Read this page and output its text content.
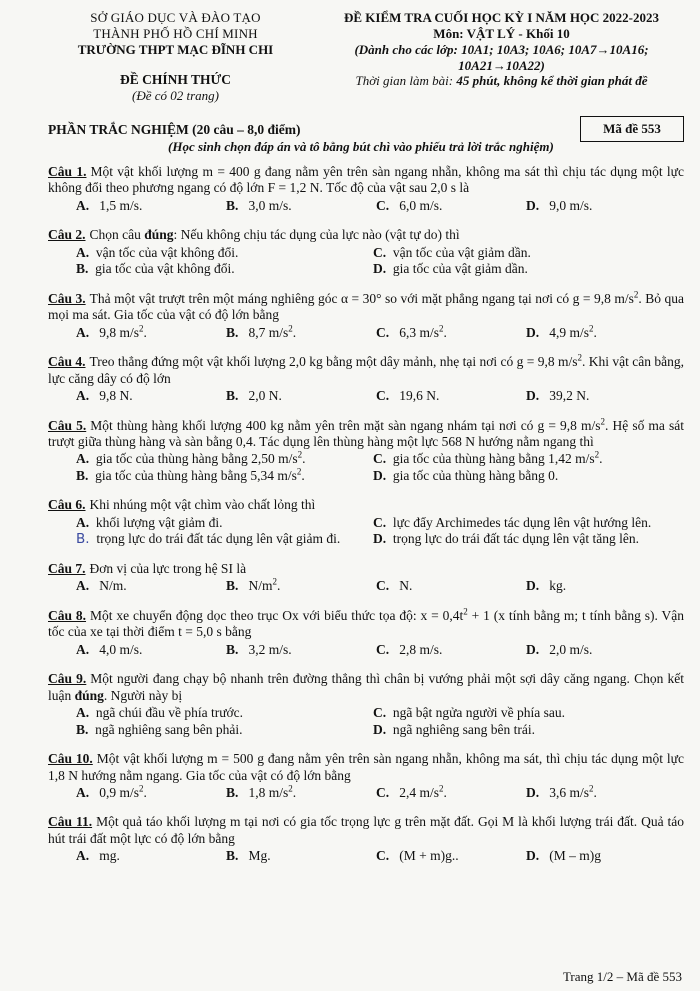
SỞ GIÁO DỤC VÀ ĐÀO TẠO
THÀNH PHỐ HỒ CHÍ MINH
TRƯỜNG THPT MẠC ĐĨNH CHI
ĐỀ CHÍNH THỨC
(Đề có 02 trang)
ĐỀ KIỂM TRA CUỐI HỌC KỲ I NĂM HỌC 2022-2023
Môn: VẬT LÝ - Khối 10
(Dành cho các lớp: 10A1; 10A3; 10A6; 10A7→10A16;
10A21→10A22)
Thời gian làm bài: 45 phút, không kể thời gian phát đề
PHẦN TRẮC NGHIỆM (20 câu – 8,0 điểm)
(Học sinh chọn đáp án và tô bằng bút chì vào phiếu trả lời trắc nghiệm)
Mã đề 553
Câu 1. Một vật khối lượng m = 400 g đang nằm yên trên sàn ngang nhẵn, không ma sát thì chịu tác dụng một lực không đổi theo phương ngang có độ lớn F = 1,2 N. Tốc độ của vật sau 2,0 s là
A. 1,5 m/s.	B. 3,0 m/s.	C. 6,0 m/s.	D. 9,0 m/s.
Câu 2. Chọn câu đúng: Nếu không chịu tác dụng của lực nào (vật tự do) thì
A. vận tốc của vật không đổi.	C. vận tốc của vật giảm dần.
B. gia tốc của vật không đổi.	D. gia tốc của vật giảm dần.
Câu 3. Thả một vật trượt trên một máng nghiêng góc α = 30° so với mặt phẳng ngang tại nơi có g = 9,8 $m/s^2$. Bỏ qua mọi ma sát. Gia tốc của vật có độ lớn bằng
A. 9,8 $m/s^2$.	B. 8,7 $m/s^2$.	C. 6,3 $m/s^2$.	D. 4,9 $m/s^2$.
Câu 4. Treo thẳng đứng một vật khối lượng 2,0 kg bằng một dây mảnh, nhẹ tại nơi có g = 9,8 $m/s^2$. Khi vật cân bằng, lực căng dây có độ lớn
A. 9,8 N.	B. 2,0 N.	C. 19,6 N.	D. 39,2 N.
Câu 5. Một thùng hàng khối lượng 400 kg nằm yên trên mặt sàn ngang nhám tại nơi có g = 9,8 $m/s^2$. Hệ số ma sát trượt giữa thùng hàng và sàn bằng 0,4. Tác dụng lên thùng hàng một lực 568 N hướng nằm ngang thì
A. gia tốc của thùng hàng bằng 2,50 $m/s^2$.	C. gia tốc của thùng hàng bằng 1,42 $m/s^2$.
B. gia tốc của thùng hàng bằng 5,34 $m/s^2$.	D. gia tốc của thùng hàng bằng 0.
Câu 6. Khi nhúng một vật chìm vào chất lỏng thì
A. khối lượng vật giảm đi.	C. lực đẩy Archimedes tác dụng lên vật hướng lên.
B. trọng lực do trái đất tác dụng lên vật giảm đi.	D. trọng lực do trái đất tác dụng lên vật tăng lên.
Câu 7. Đơn vị của lực trong hệ SI là
A. N/m.	B. $N/m^2$.	C. N.	D. kg.
Câu 8. Một xe chuyển động dọc theo trục Ox với biểu thức tọa độ: $x = 0,4t^2 + 1$ (x tính bằng m; t tính bằng s). Vận tốc của xe tại thời điểm t = 5,0 s bằng
A. 4,0 m/s.	B. 3,2 m/s.	C. 2,8 m/s.	D. 2,0 m/s.
Câu 9. Một người đang chạy bộ nhanh trên đường thẳng thì chân bị vướng phải một sợi dây căng ngang. Chọn kết luận đúng. Người này bị
A. ngã chúi đầu về phía trước.	C. ngã bật ngửa người về phía sau.
B. ngã nghiêng sang bên phải.	D. ngã nghiêng sang bên trái.
Câu 10. Một vật khối lượng m = 500 g đang nằm yên trên sàn ngang nhẵn, không ma sát, thì chịu tác dụng một lực 1,8 N hướng nằm ngang. Gia tốc của vật có độ lớn bằng
A. 0,9 $m/s^2$.	B. 1,8 $m/s^2$.	C. 2,4 $m/s^2$.	D. 3,6 $m/s^2$.
Câu 11. Một quả táo khối lượng m tại nơi có gia tốc trọng lực g trên mặt đất. Gọi M là khối lượng trái đất. Quả táo hút trái đất một lực có độ lớn bằng
A. mg.	B. Mg.	C. (M + m)g..	D. (M – m)g
Trang 1/2 – Mã đề 553
